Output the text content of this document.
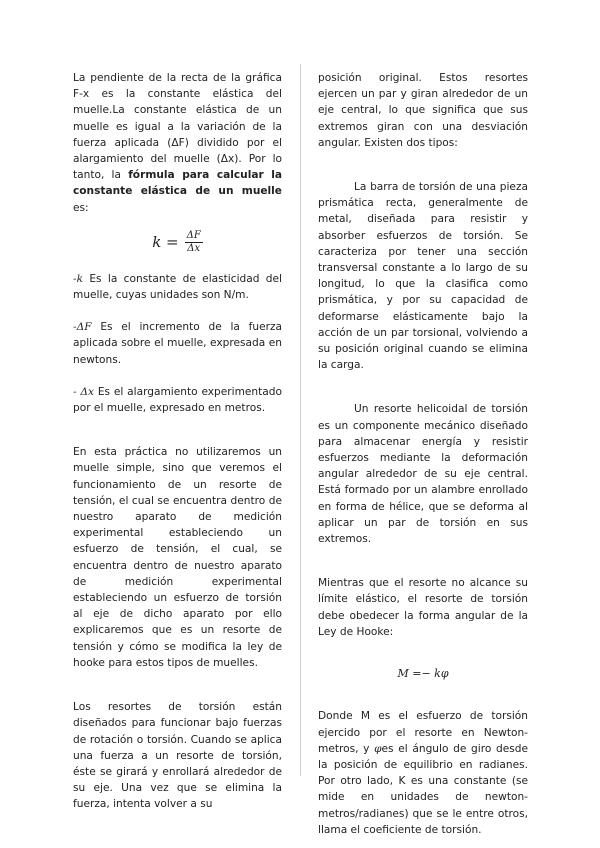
La pendiente de la recta de la gráfica F-x es la constante elástica del muelle.La constante elástica de un muelle es igual a la variación de la fuerza aplicada (ΔF) dividido por el alargamiento del muelle (Δx). Por lo tanto, la fórmula para calcular la constante elástica de un muelle es:

$k = \frac{\Delta F}{\Delta x}$

-k Es la constante de elasticidad del muelle, cuyas unidades son N/m.

-ΔF Es el incremento de la fuerza aplicada sobre el muelle, expresada en newtons.

- Δx Es el alargamiento experimentado por el muelle, expresado en metros.

En esta práctica no utilizaremos un muelle simple, sino que veremos el funcionamiento de un resorte de tensión, el cual se encuentra dentro de nuestro aparato de medición experimental estableciendo un esfuerzo de tensión, el cual, se encuentra dentro de nuestro aparato de medición experimental estableciendo un esfuerzo de torsión al eje de dicho aparato por ello explicaremos que es un resorte de tensión y cómo se modifica la ley de hooke para estos tipos de muelles.

Los resortes de torsión están diseñados para funcionar bajo fuerzas de rotación o torsión. Cuando se aplica una fuerza a un resorte de torsión, éste se girará y enrollará alrededor de su eje. Una vez que se elimina la fuerza, intenta volver a su

posición original. Estos resortes ejercen un par y giran alrededor de un eje central, lo que significa que sus extremos giran con una desviación angular. Existen dos tipos:

La barra de torsión de una pieza prismática recta, generalmente de metal, diseñada para resistir y absorber esfuerzos de torsión. Se caracteriza por tener una sección transversal constante a lo largo de su longitud, lo que la clasifica como prismática, y por su capacidad de deformarse elásticamente bajo la acción de un par torsional, volviendo a su posición original cuando se elimina la carga.

Un resorte helicoidal de torsión es un componente mecánico diseñado para almacenar energía y resistir esfuerzos mediante la deformación angular alrededor de su eje central. Está formado por un alambre enrollado en forma de hélice, que se deforma al aplicar un par de torsión en sus extremos.

Mientras que el resorte no alcance su límite elástico, el resorte de torsión debe obedecer la forma angular de la Ley de Hooke:

M =− kφ

Donde M es el esfuerzo de torsión ejercido por el resorte en Newton-metros, y φes el ángulo de giro desde la posición de equilibrio en radianes. Por otro lado, K es una constante (se mide en unidades de newton-metros/radianes) que se le entre otros, llama el coeficiente de torsión.
